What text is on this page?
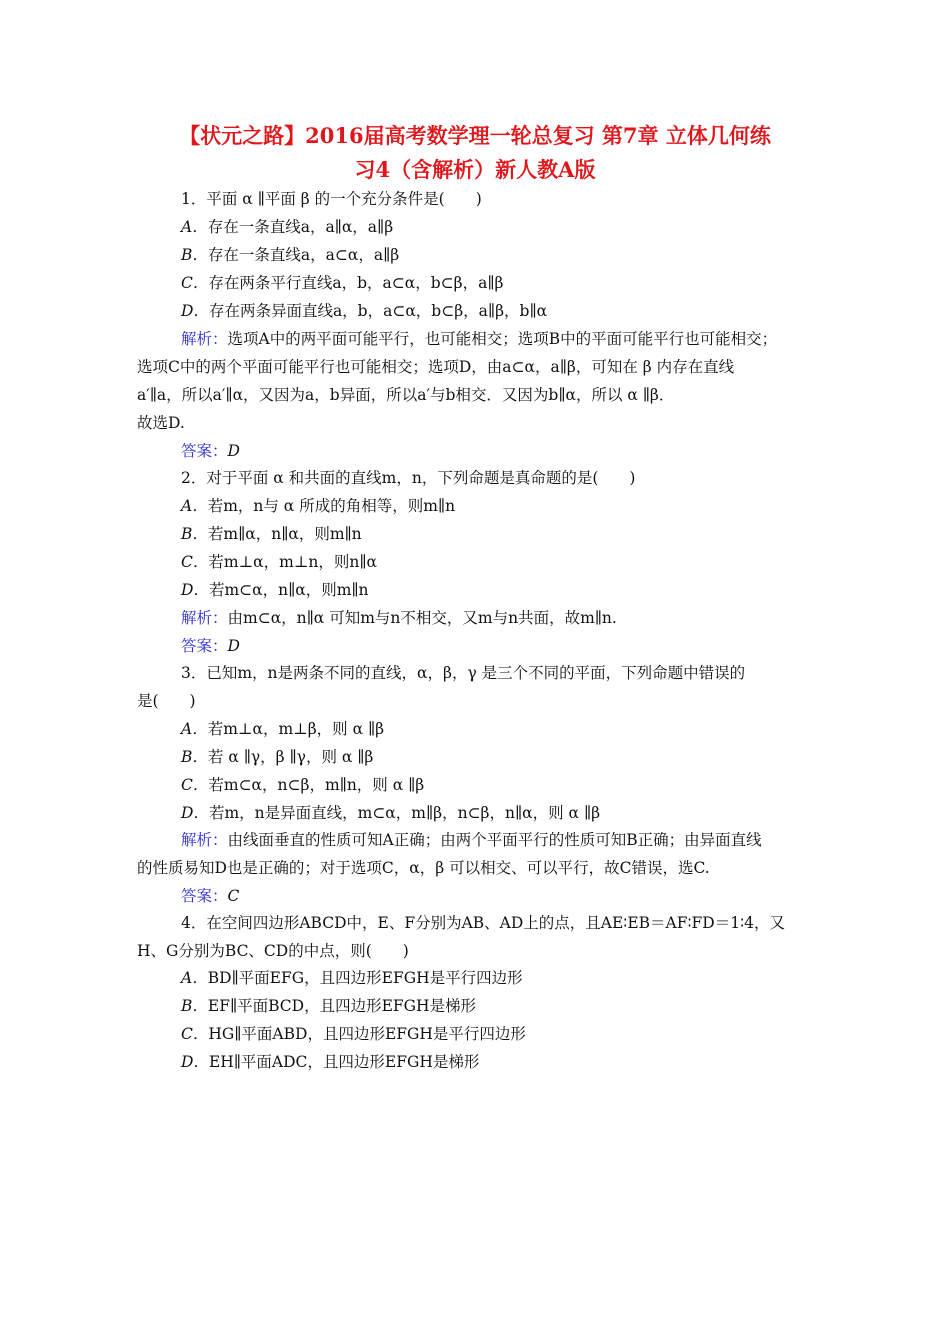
【状元之路】2016届高考数学理一轮总复习 第7章 立体几何练
习4（含解析）新人教A版
1．平面 α ∥平面 β 的一个充分条件是(　　)
A．存在一条直线a，a∥α，a∥β
B．存在一条直线a，a⊂α，a∥β
C．存在两条平行直线a，b，a⊂α，b⊂β，a∥β
D．存在两条异面直线a，b，a⊂α，b⊂β，a∥β，b∥α
解析：选项A中的两平面可能平行，也可能相交；选项B中的平面可能平行也可能相交；
选项C中的两个平面可能平行也可能相交；选项D，由a⊂α，a∥β，可知在 β 内存在直线
a′∥a，所以a′∥α，又因为a，b异面，所以a′与b相交．又因为b∥α，所以 α ∥β．
故选D.
答案：D
2．对于平面 α 和共面的直线m，n，下列命题是真命题的是(　　)
A．若m，n与 α 所成的角相等，则m∥n
B．若m∥α，n∥α，则m∥n
C．若m⊥α，m⊥n，则n∥α
D．若m⊂α，n∥α，则m∥n
解析：由m⊂α，n∥α 可知m与n不相交，又m与n共面，故m∥n.
答案：D
3．已知m，n是两条不同的直线，α，β，γ 是三个不同的平面，下列命题中错误的
是(　　)
A．若m⊥α，m⊥β，则 α ∥β
B．若 α ∥γ，β ∥γ，则 α ∥β
C．若m⊂α，n⊂β，m∥n，则 α ∥β
D．若m，n是异面直线，m⊂α，m∥β，n⊂β，n∥α，则 α ∥β
解析：由线面垂直的性质可知A正确；由两个平面平行的性质可知B正确；由异面直线
的性质易知D也是正确的；对于选项C，α，β 可以相交、可以平行，故C错误，选C.
答案：C
4．在空间四边形ABCD中，E、F分别为AB、AD上的点，且AE∶EB＝AF∶FD＝1∶4，又
H、G分别为BC、CD的中点，则(　　)
A．BD∥平面EFG，且四边形EFGH是平行四边形
B．EF∥平面BCD，且四边形EFGH是梯形
C．HG∥平面ABD，且四边形EFGH是平行四边形
D．EH∥平面ADC，且四边形EFGH是梯形
